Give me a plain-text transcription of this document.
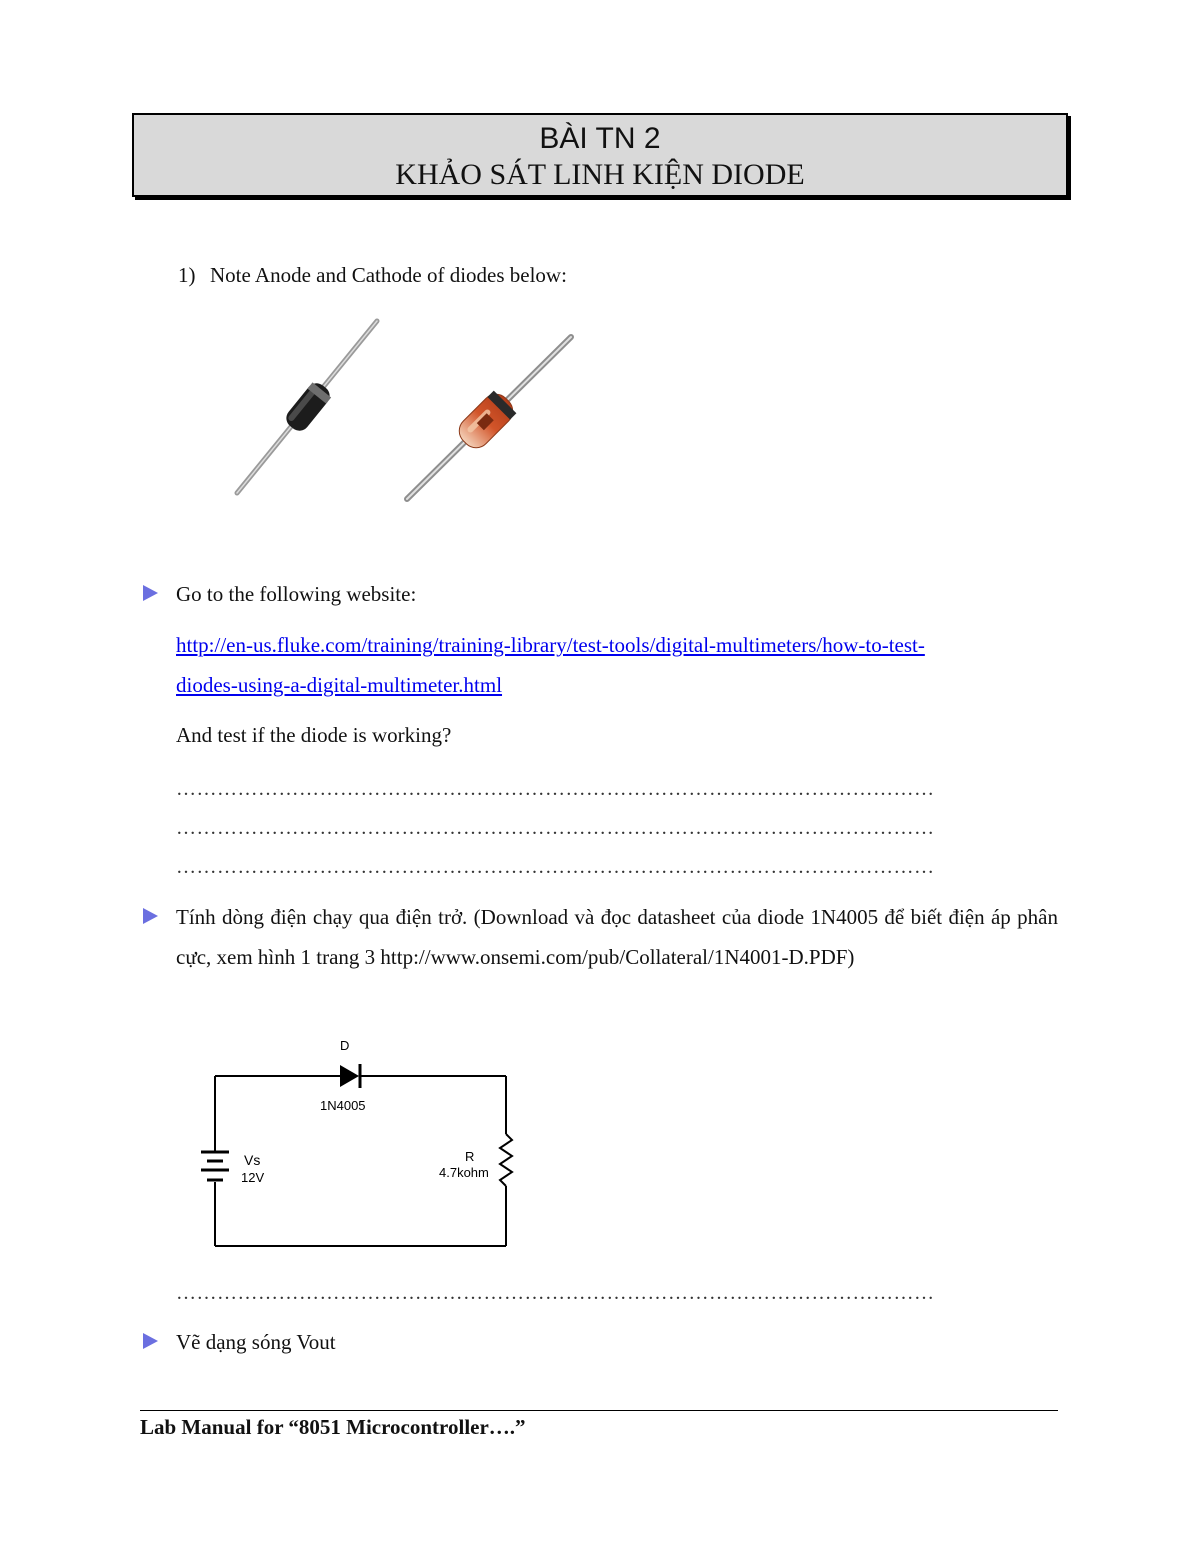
BÀI TN 2
KHẢO SÁT LINH KIỆN DIODE
1) Note Anode and Cathode of diodes below:
Go to the following website:
http://en-us.fluke.com/training/training-library/test-tools/digital-multimeters/how-to-test-
diodes-using-a-digital-multimeter.html
And test if the diode is working?
…………………………………………………………………………………………………
…………………………………………………………………………………………………
…………………………………………………………………………………………………
Tính dòng điện chạy qua điện trở. (Download và đọc datasheet của diode 1N4005 để biết điện áp phân cực, xem hình 1 trang 3 http://www.onsemi.com/pub/Collateral/1N4001-D.PDF)
D
1N4005
Vs
12V
R
4.7kohm
…………………………………………………………………………………………………
Vẽ dạng sóng Vout
Lab Manual for “8051 Microcontroller….”
